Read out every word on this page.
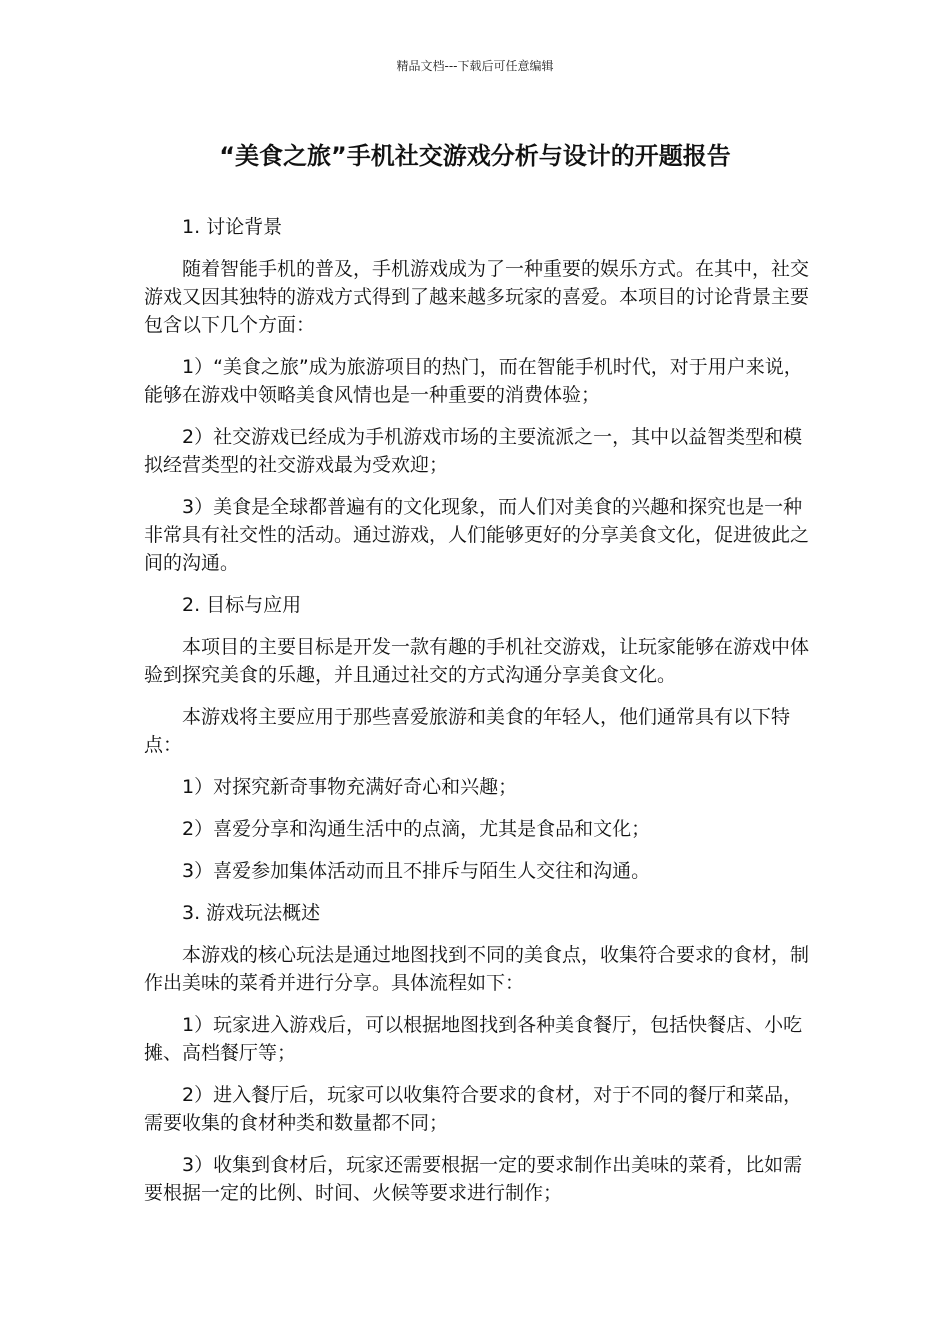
精品文档---下载后可任意编辑
“美食之旅”手机社交游戏分析与设计的开题报告

1. 讨论背景

随着智能手机的普及，手机游戏成为了一种重要的娱乐方式。在其中，社交游戏又因其独特的游戏方式得到了越来越多玩家的喜爱。本项目的讨论背景主要包含以下几个方面：

1）“美食之旅”成为旅游项目的热门，而在智能手机时代，对于用户来说，能够在游戏中领略美食风情也是一种重要的消费体验；

2）社交游戏已经成为手机游戏市场的主要流派之一，其中以益智类型和模拟经营类型的社交游戏最为受欢迎；

3）美食是全球都普遍有的文化现象，而人们对美食的兴趣和探究也是一种非常具有社交性的活动。通过游戏，人们能够更好的分享美食文化，促进彼此之间的沟通。

2. 目标与应用

本项目的主要目标是开发一款有趣的手机社交游戏，让玩家能够在游戏中体验到探究美食的乐趣，并且通过社交的方式沟通分享美食文化。

本游戏将主要应用于那些喜爱旅游和美食的年轻人，他们通常具有以下特点：

1）对探究新奇事物充满好奇心和兴趣；

2）喜爱分享和沟通生活中的点滴，尤其是食品和文化；

3）喜爱参加集体活动而且不排斥与陌生人交往和沟通。

3. 游戏玩法概述

本游戏的核心玩法是通过地图找到不同的美食点，收集符合要求的食材，制作出美味的菜肴并进行分享。具体流程如下：

1）玩家进入游戏后，可以根据地图找到各种美食餐厅，包括快餐店、小吃摊、高档餐厅等；

2）进入餐厅后，玩家可以收集符合要求的食材，对于不同的餐厅和菜品，需要收集的食材种类和数量都不同；

3）收集到食材后，玩家还需要根据一定的要求制作出美味的菜肴，比如需要根据一定的比例、时间、火候等要求进行制作；
